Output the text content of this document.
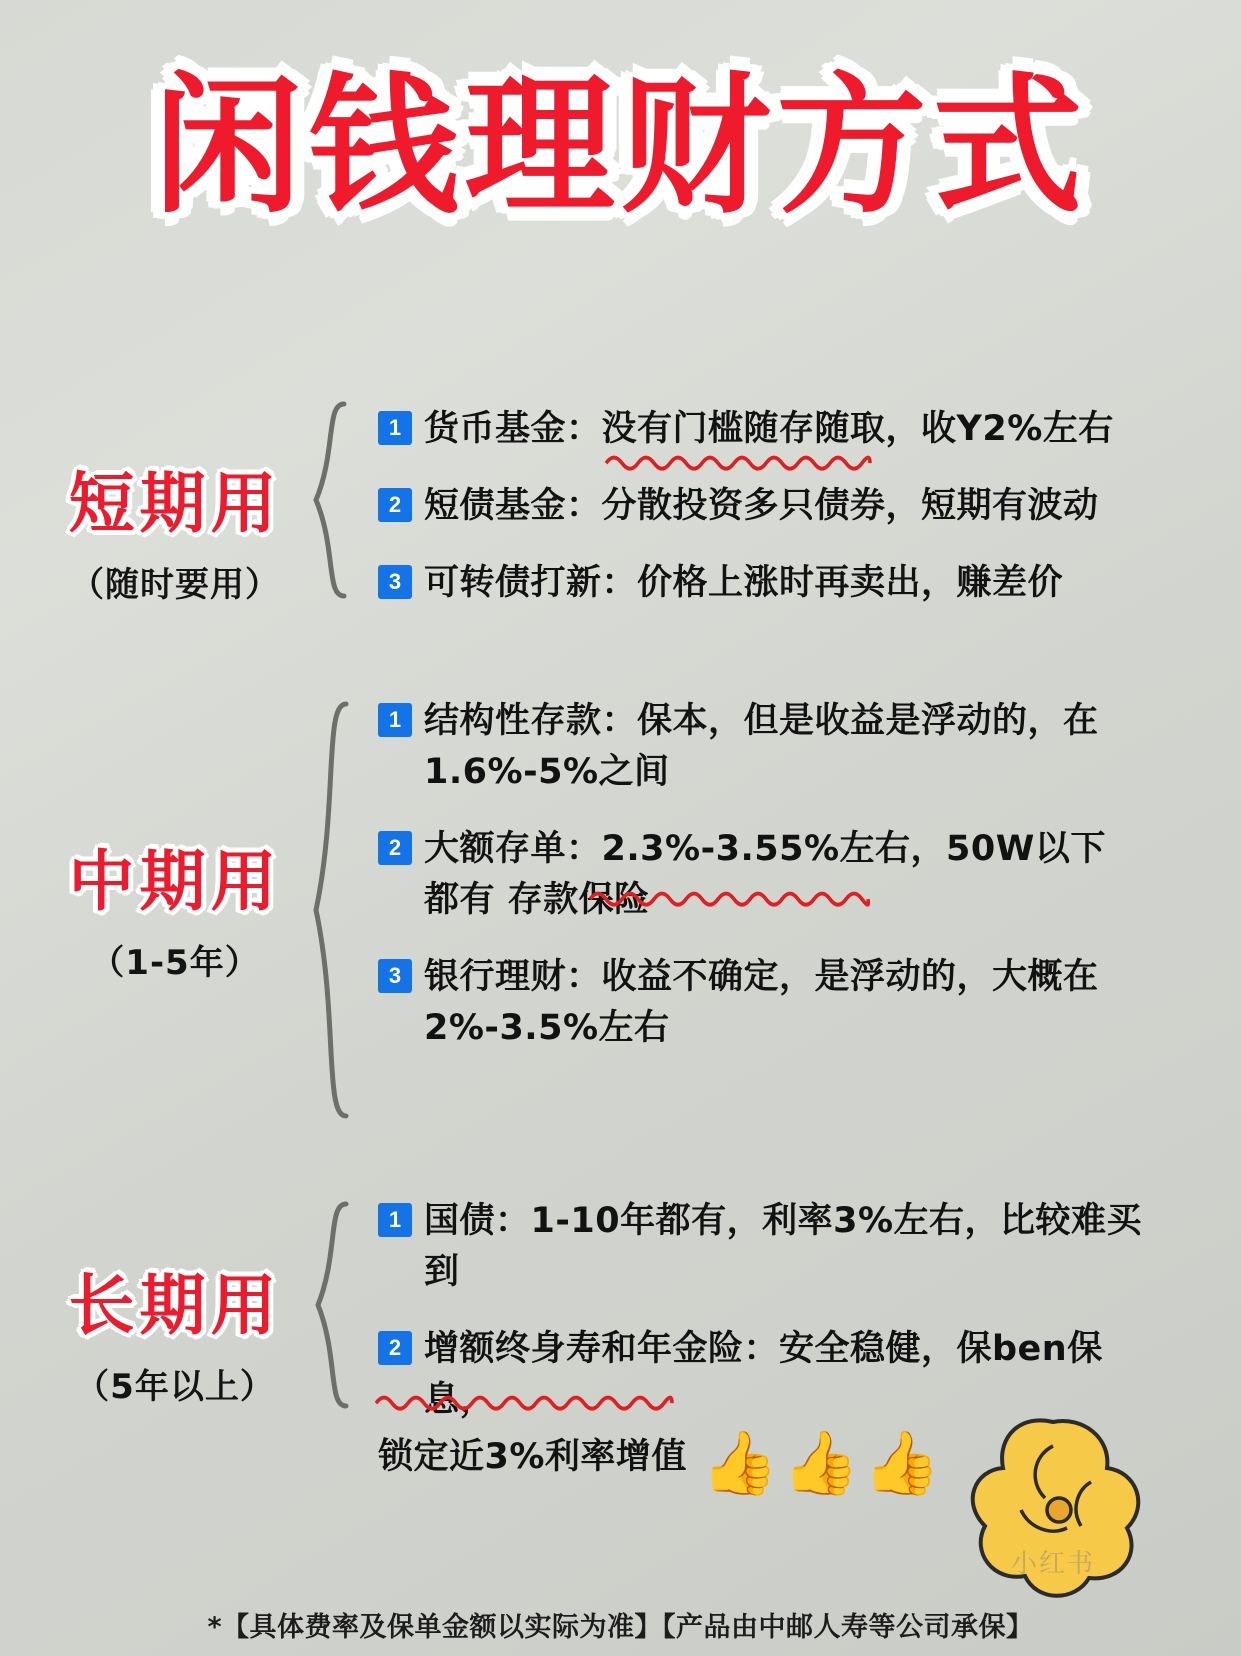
闲钱理财方式
短期用
（随时要用）
1 货币基金：没有门槛随存随取，收Y2%左右
2 短债基金：分散投资多只债券，短期有波动
3 可转债打新：价格上涨时再卖出，赚差价
中期用
（1-5年）
1 结构性存款：保本，但是收益是浮动的，在 1.6%-5%之间
2 大额存单：2.3%-3.55%左右，50W以下都有 存款保险
3 银行理财：收益不确定，是浮动的，大概在 2%-3.5%左右
长期用
（5年以上）
1 国债：1-10年都有，利率3%左右，比较难买到
2 增额终身寿和年金险：安全稳健，保ben保息，
锁定近3%利率增值 👍👍👍
小红书
*【具体费率及保单金额以实际为准】【产品由中邮人寿等公司承保】
